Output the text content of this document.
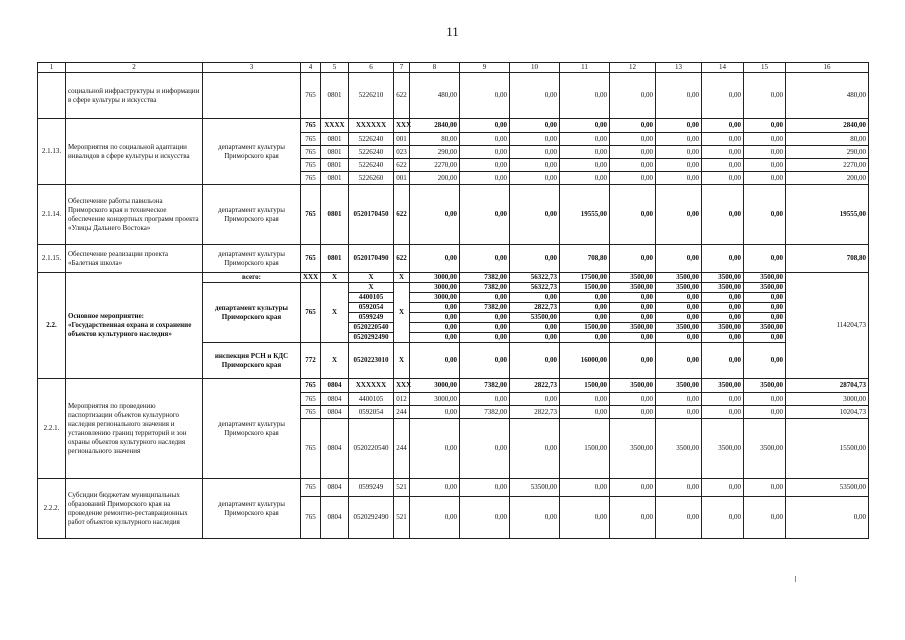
11
1	2	3	4	5	6	7	8	9	10	11	12	13	14	15	16
	социальной инфраструктуры и информации в сфере культуры и искусства		765	0801	5226210	622	480,00	0,00	0,00	0,00	0,00	0,00	0,00	0,00	480,00
2.1.13.	Мероприятия по социальной адаптации инвалидов в сфере культуры и искусства	департамент культуры Приморского края	765	XXXX	XXXXXX	XXX	2840,00	0,00	0,00	0,00	0,00	0,00	0,00	0,00	2840,00
			765	0801	5226240	001	80,00	0,00	0,00	0,00	0,00	0,00	0,00	0,00	80,00
			765	0801	5226240	023	290,00	0,00	0,00	0,00	0,00	0,00	0,00	0,00	290,00
			765	0801	5226240	622	2270,00	0,00	0,00	0,00	0,00	0,00	0,00	0,00	2270,00
			765	0801	5226260	001	200,00	0,00	0,00	0,00	0,00	0,00	0,00	0,00	200,00
2.1.14.	Обеспечение работы павильона Приморского края и техническое обеспечение концертных программ проекта «Улицы Дальнего Востока»	департамент культуры Приморского края	765	0801	0520170450	622	0,00	0,00	0,00	19555,00	0,00	0,00	0,00	0,00	19555,00
2.1.15.	Обеспечение реализации проекта «Балетная школа»	департамент культуры Приморского края	765	0801	0520170490	622	0,00	0,00	0,00	708,80	0,00	0,00	0,00	0,00	708,80
2.2.	Основное мероприятие: «Государственная охрана и сохранение объектов культурного наследия»	всего:	XXX	X	X	X	3000,00	7382,00	56322,73	17500,00	3500,00	3500,00	3500,00	3500,00	114204,73
		департамент культуры Приморского края	765	X	X	X	3000,00	7382,00	56322,73	1500,00	3500,00	3500,00	3500,00	3500,00	
					4400105		3000,00	0,00	0,00	0,00	0,00	0,00	0,00	0,00	
					0592054		0,00	7382,00	2822,73	0,00	0,00	0,00	0,00	0,00	
					0599249		0,00	0,00	53500,00	0,00	0,00	0,00	0,00	0,00	
					0520220540		0,00	0,00	0,00	1500,00	3500,00	3500,00	3500,00	3500,00	
					0520292490		0,00	0,00	0,00	0,00	0,00	0,00	0,00	0,00	
		инспекция РСН и КДС Приморского края	772	X	0520223010	X	0,00	0,00	0,00	16000,00	0,00	0,00	0,00	0,00	
2.2.1.	Мероприятия по проведению паспортизации объектов культурного наследия регионального значения и установлению границ территорий и зон охраны объектов культурного наследия регионального значения	департамент культуры Приморского края	765	0804	XXXXXX	XXX	3000,00	7382,00	2822,73	1500,00	3500,00	3500,00	3500,00	3500,00	28704,73
			765	0804	4400105	012	3000,00	0,00	0,00	0,00	0,00	0,00	0,00	0,00	3000,00
			765	0804	0592054	244	0,00	7382,00	2822,73	0,00	0,00	0,00	0,00	0,00	10204,73
			765	0804	0520220540	244	0,00	0,00	0,00	1500,00	3500,00	3500,00	3500,00	3500,00	15500,00
2.2.2.	Субсидии бюджетам муниципальных образований Приморского края на проведение ремонтно-реставрационных работ объектов культурного наследия	департамент культуры Приморского края	765	0804	0599249	521	0,00	0,00	53500,00	0,00	0,00	0,00	0,00	0,00	53500,00
			765	0804	0520292490	521	0,00	0,00	0,00	0,00	0,00	0,00	0,00	0,00	0,00
